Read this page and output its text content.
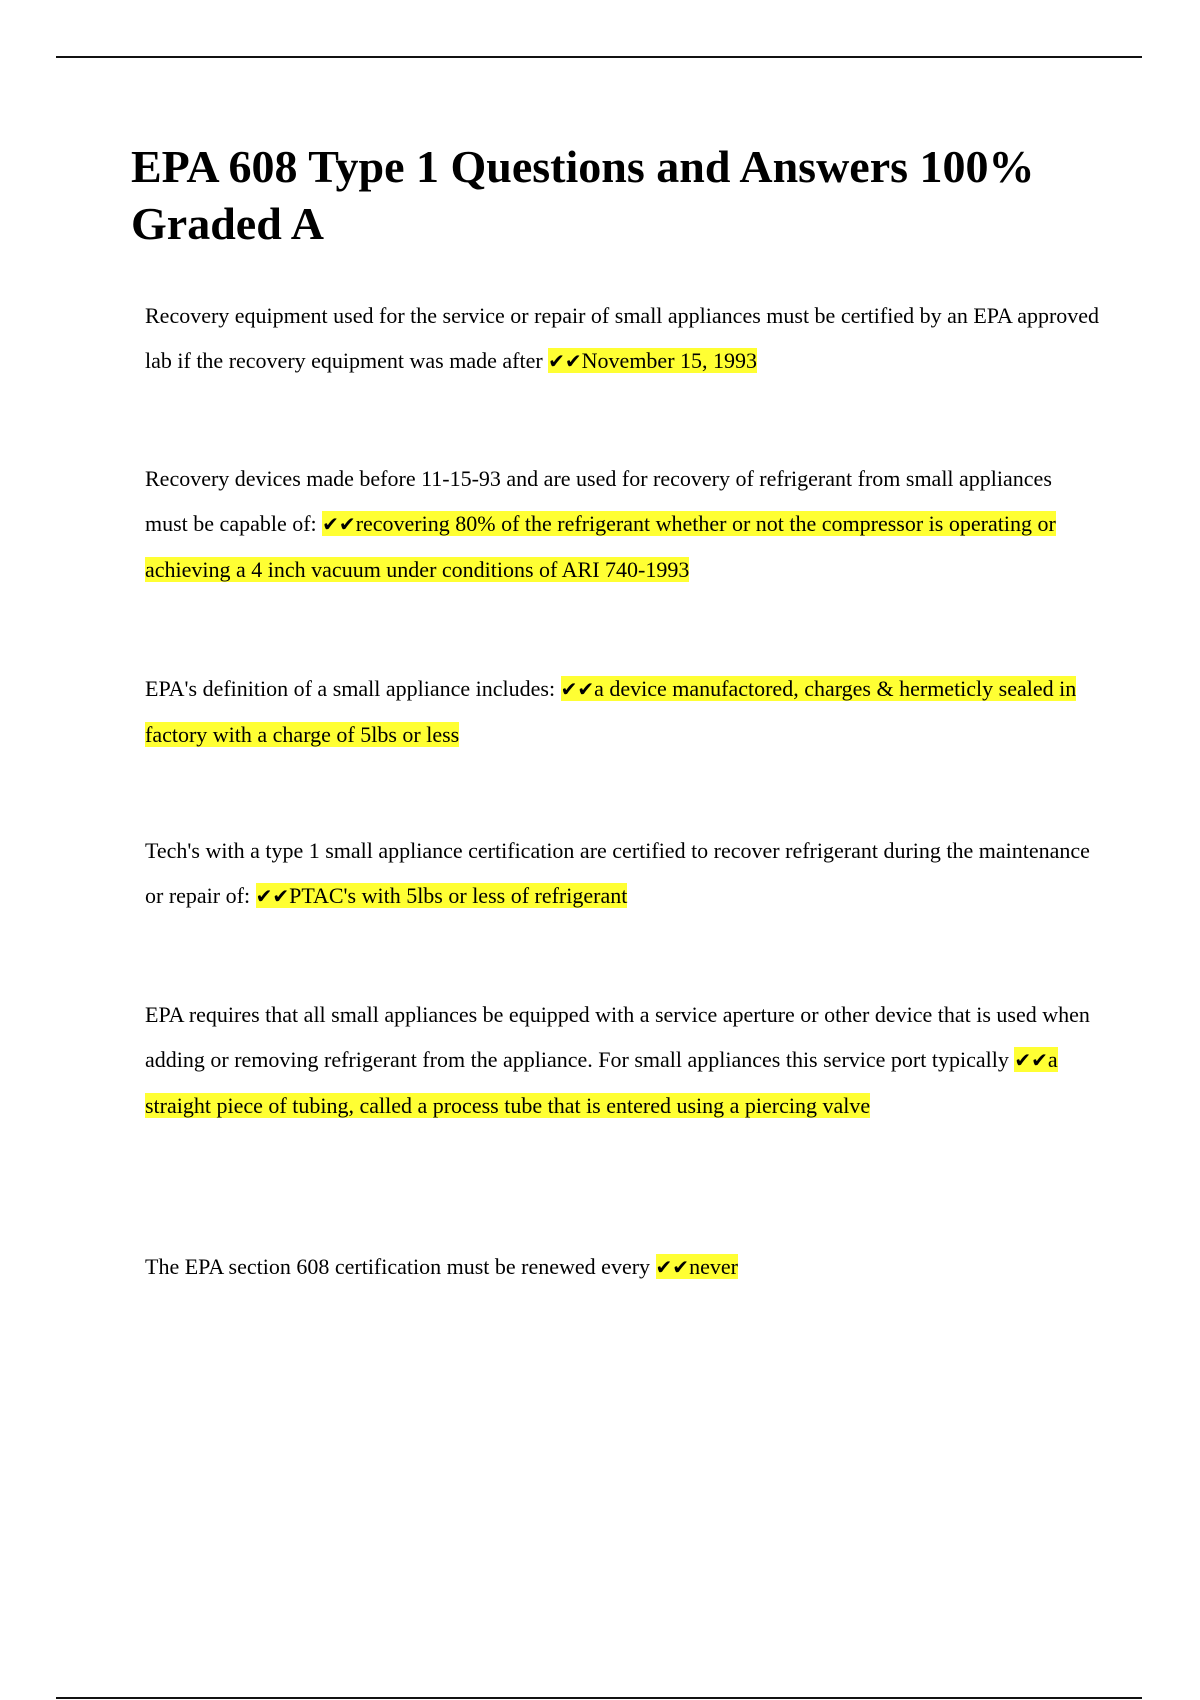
EPA 608 Type 1 Questions and Answers 100% Graded A

Recovery equipment used for the service or repair of small appliances must be certified by an EPA approved lab if the recovery equipment was made after ✔✔November 15, 1993

Recovery devices made before 11-15-93 and are used for recovery of refrigerant from small appliances must be capable of: ✔✔recovering 80% of the refrigerant whether or not the compressor is operating or achieving a 4 inch vacuum under conditions of ARI 740-1993

EPA's definition of a small appliance includes: ✔✔a device manufactored, charges & hermeticly sealed in factory with a charge of 5lbs or less

Tech's with a type 1 small appliance certification are certified to recover refrigerant during the maintenance or repair of: ✔✔PTAC's with 5lbs or less of refrigerant

EPA requires that all small appliances be equipped with a service aperture or other device that is used when adding or removing refrigerant from the appliance. For small appliances this service port typically ✔✔a straight piece of tubing, called a process tube that is entered using a piercing valve

The EPA section 608 certification must be renewed every ✔✔never
